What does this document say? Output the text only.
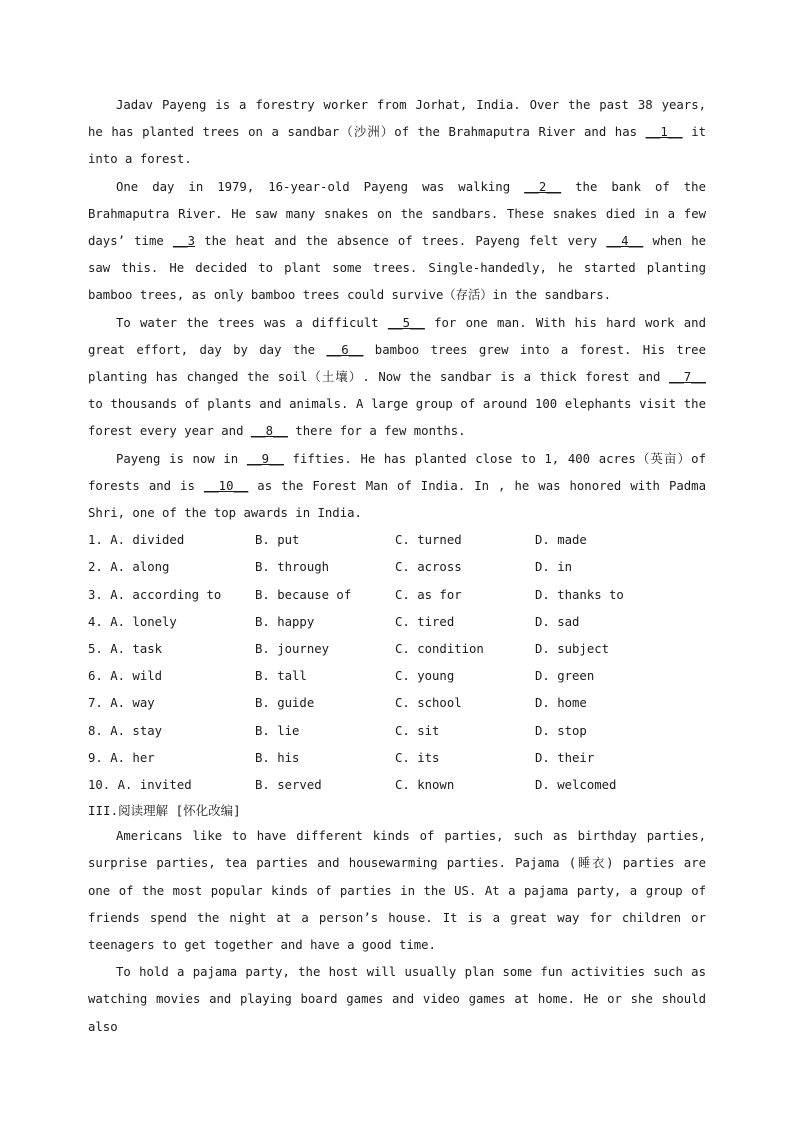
Jadav Payeng is a forestry worker from Jorhat, India. Over the past 38 years, he has planted trees on a sandbar（沙洲）of the Brahmaputra River and has __1__ it into a forest.

One day in 1979, 16-year-old Payeng was walking __2__ the bank of the Brahmaputra River. He saw many snakes on the sandbars. These snakes died in a few days’ time __3 the heat and the absence of trees. Payeng felt very __4__ when he saw this. He decided to plant some trees. Single-handedly, he started planting bamboo trees, as only bamboo trees could survive（存活）in the sandbars.

To water the trees was a difficult __5__ for one man. With his hard work and great effort, day by day the __6__ bamboo trees grew into a forest. His tree planting has changed the soil（土壤）. Now the sandbar is a thick forest and __7__ to thousands of plants and animals. A large group of around 100 elephants visit the forest every year and __8__ there for a few months.

Payeng is now in __9__ fifties. He has planted close to 1, 400 acres（英亩）of forests and is __10__ as the Forest Man of India. In , he was honored with Padma Shri, one of the top awards in India.

1. A. divided	B. put	C. turned	D. made
2. A. along	B. through	C. across	D. in
3. A. according to	B. because of	C. as for	D. thanks to
4. A. lonely	B. happy	C. tired	D. sad
5. A. task	B. journey	C. condition	D. subject
6. A. wild	B. tall	C. young	D. green
7. A. way	B. guide	C. school	D. home
8. A. stay	B. lie	C. sit	D. stop
9. A. her	B. his	C. its	D. their
10. A. invited	B. served	C. known	D. welcomed

III.阅读理解 [怀化改编]

Americans like to have different kinds of parties, such as birthday parties, surprise parties, tea parties and housewarming parties. Pajama (睡衣) parties are one of the most popular kinds of parties in the US. At a pajama party, a group of friends spend the night at a person’s house. It is a great way for children or teenagers to get together and have a good time.

To hold a pajama party, the host will usually plan some fun activities such as watching movies and playing board games and video games at home. He or she should also
